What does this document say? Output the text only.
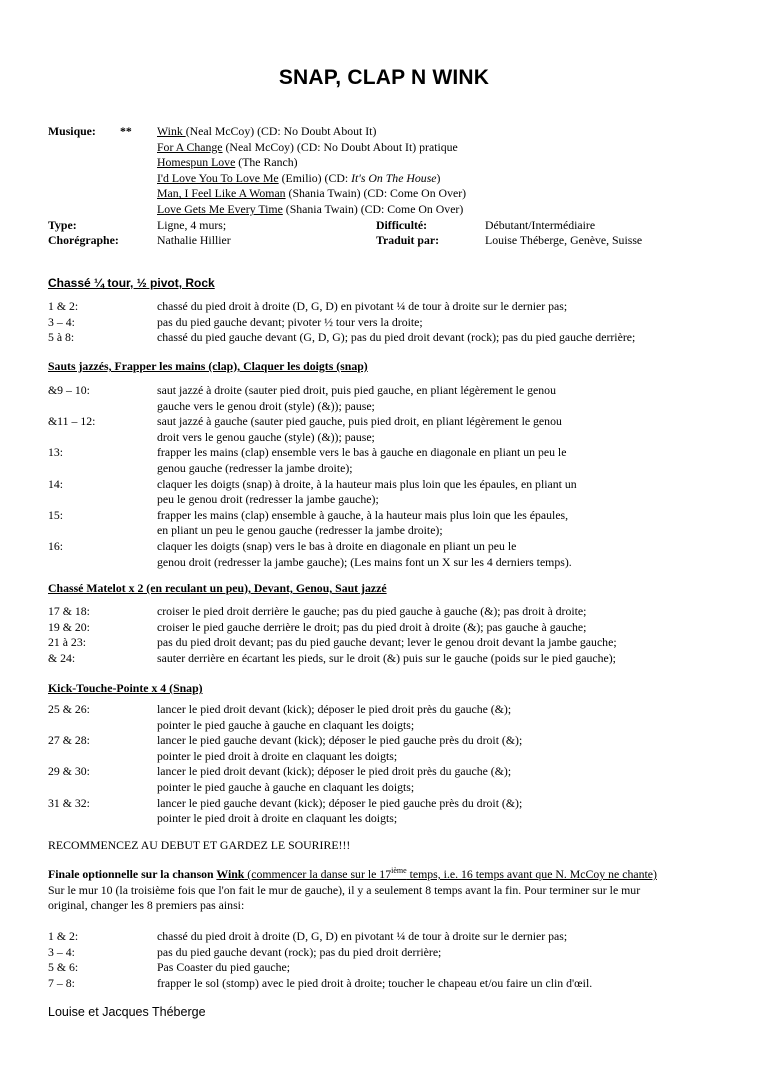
SNAP, CLAP N WINK
Musique: ** Wink (Neal McCoy) (CD: No Doubt About It)
For A Change (Neal McCoy) (CD: No Doubt About It) pratique
Homespun Love (The Ranch)
I'd Love You To Love Me (Emilio) (CD: It's On The House)
Man, I Feel Like A Woman (Shania Twain) (CD: Come On Over)
Love Gets Me Every Time (Shania Twain) (CD: Come On Over)
Type:	Ligne, 4 murs;	Difficulté:	Débutant/Intermédiaire
Chorégraphe:	Nathalie Hillier	Traduit par:	Louise Théberge, Genève, Suisse
Chassé ¼ tour, ½ pivot, Rock
1 & 2:	chassé du pied droit à droite (D, G, D) en pivotant ¼ de tour à droite sur le dernier pas;
3 – 4:	pas du pied gauche devant; pivoter ½ tour vers la droite;
5 à 8:	chassé du pied gauche devant (G, D, G); pas du pied droit devant (rock); pas du pied gauche derrière;
Sauts jazzés, Frapper les mains (clap), Claquer les doigts (snap)
&9 – 10:	saut jazzé à droite (sauter pied droit, puis pied gauche, en pliant légèrement le genou
gauche vers le genou droit (style) (&)); pause;
&11 – 12:	saut jazzé à gauche (sauter pied gauche, puis pied droit, en pliant légèrement le genou
droit vers le genou gauche (style) (&)); pause;
13:	frapper les mains (clap) ensemble vers le bas à gauche en diagonale en pliant un peu le
genou gauche (redresser la jambe droite);
14:	claquer les doigts (snap) à droite, à la hauteur mais plus loin que les épaules, en pliant un
peu le genou droit (redresser la jambe gauche);
15:	frapper les mains (clap) ensemble à gauche, à la hauteur mais plus loin que les épaules,
en pliant un peu le genou gauche (redresser la jambe droite);
16:	claquer les doigts (snap) vers le bas à droite en diagonale en pliant un peu le
genou droit (redresser la jambe gauche); (Les mains font un X sur les 4 derniers temps).
Chassé Matelot x 2 (en reculant un peu), Devant, Genou, Saut jazzé
17 & 18:	croiser le pied droit derrière le gauche; pas du pied gauche à gauche (&); pas droit à droite;
19 & 20:	croiser le pied gauche derrière le droit; pas du pied droit à droite (&); pas gauche à gauche;
21 à 23:	pas du pied droit devant; pas du pied gauche devant; lever le genou droit devant la jambe gauche;
& 24:	sauter derrière en écartant les pieds, sur le droit (&) puis sur le gauche (poids sur le pied gauche);
Kick-Touche-Pointe x 4 (Snap)
25 & 26:	lancer le pied droit devant (kick); déposer le pied droit près du gauche (&);
pointer le pied gauche à gauche en claquant les doigts;
27 & 28:	lancer le pied gauche devant (kick); déposer le pied gauche près du droit (&);
pointer le pied droit à droite en claquant les doigts;
29 & 30:	lancer le pied droit devant (kick); déposer le pied droit près du gauche (&);
pointer le pied gauche à gauche en claquant les doigts;
31 & 32:	lancer le pied gauche devant (kick); déposer le pied gauche près du droit (&);
pointer le pied droit à droite en claquant les doigts;
RECOMMENCEZ AU DEBUT ET GARDEZ LE SOURIRE!!!
Finale optionnelle sur la chanson Wink (commencer la danse sur le 17ième temps, i.e. 16 temps avant que N. McCoy ne chante)
Sur le mur 10 (la troisième fois que l'on fait le mur de gauche), il y a seulement 8 temps avant la fin. Pour terminer sur le mur
original, changer les 8 premiers pas ainsi:
1 & 2:	chassé du pied droit à droite (D, G, D) en pivotant ¼ de tour à droite sur le dernier pas;
3 – 4:	pas du pied gauche devant (rock); pas du pied droit derrière;
5 & 6:	Pas Coaster du pied gauche;
7 – 8:	frapper le sol (stomp) avec le pied droit à droite; toucher le chapeau et/ou faire un clin d'œil.
Louise et Jacques Théberge
